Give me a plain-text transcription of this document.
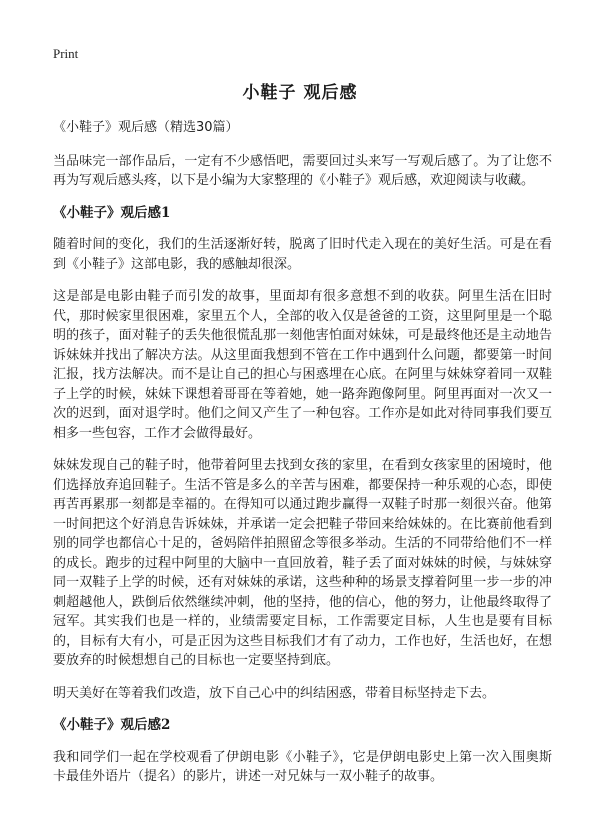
Print
小鞋子 观后感

《小鞋子》观后感（精选30篇）

当品味完一部作品后，一定有不少感悟吧，需要回过头来写一写观后感了。为了让您不再为写观后感头疼，以下是小编为大家整理的《小鞋子》观后感，欢迎阅读与收藏。

《小鞋子》观后感1

随着时间的变化，我们的生活逐渐好转，脱离了旧时代走入现在的美好生活。可是在看到《小鞋子》这部电影，我的感触却很深。

这是部是电影由鞋子而引发的故事，里面却有很多意想不到的收获。阿里生活在旧时代，那时候家里很困难，家里五个人，全部的收入仅是爸爸的工资，这里阿里是一个聪明的孩子，面对鞋子的丢失他很慌乱那一刻他害怕面对妹妹，可是最终他还是主动地告诉妹妹并找出了解决方法。从这里面我想到不管在工作中遇到什么问题，都要第一时间汇报，找方法解决。而不是让自己的担心与困惑埋在心底。在阿里与妹妹穿着同一双鞋子上学的时候，妹妹下课想着哥哥在等着她，她一路奔跑像阿里。阿里再面对一次又一次的迟到，面对退学时。他们之间又产生了一种包容。工作亦是如此对待同事我们要互相多一些包容，工作才会做得最好。

妹妹发现自己的鞋子时，他带着阿里去找到女孩的家里，在看到女孩家里的困境时，他们选择放弃追回鞋子。生活不管是多么的辛苦与困难，都要保持一种乐观的心态，即使再苦再累那一刻都是幸福的。在得知可以通过跑步赢得一双鞋子时那一刻很兴奋。他第一时间把这个好消息告诉妹妹，并承诺一定会把鞋子带回来给妹妹的。在比赛前他看到别的同学也都信心十足的，爸妈陪伴拍照留念等很多举动。生活的不同带给他们不一样的成长。跑步的过程中阿里的大脑中一直回放着，鞋子丢了面对妹妹的时候，与妹妹穿同一双鞋子上学的时候，还有对妹妹的承诺，这些种种的场景支撑着阿里一步一步的冲刺超越他人，跌倒后依然继续冲刺，他的坚持，他的信心，他的努力，让他最终取得了冠军。其实我们也是一样的，业绩需要定目标，工作需要定目标，人生也是要有目标的，目标有大有小，可是正因为这些目标我们才有了动力，工作也好，生活也好，在想要放弃的时候想想自己的目标也一定要坚持到底。

明天美好在等着我们改造，放下自己心中的纠结困惑，带着目标坚持走下去。

《小鞋子》观后感2

我和同学们一起在学校观看了伊朗电影《小鞋子》，它是伊朗电影史上第一次入围奥斯卡最佳外语片（提名）的影片，讲述一对兄妹与一双小鞋子的故事。
